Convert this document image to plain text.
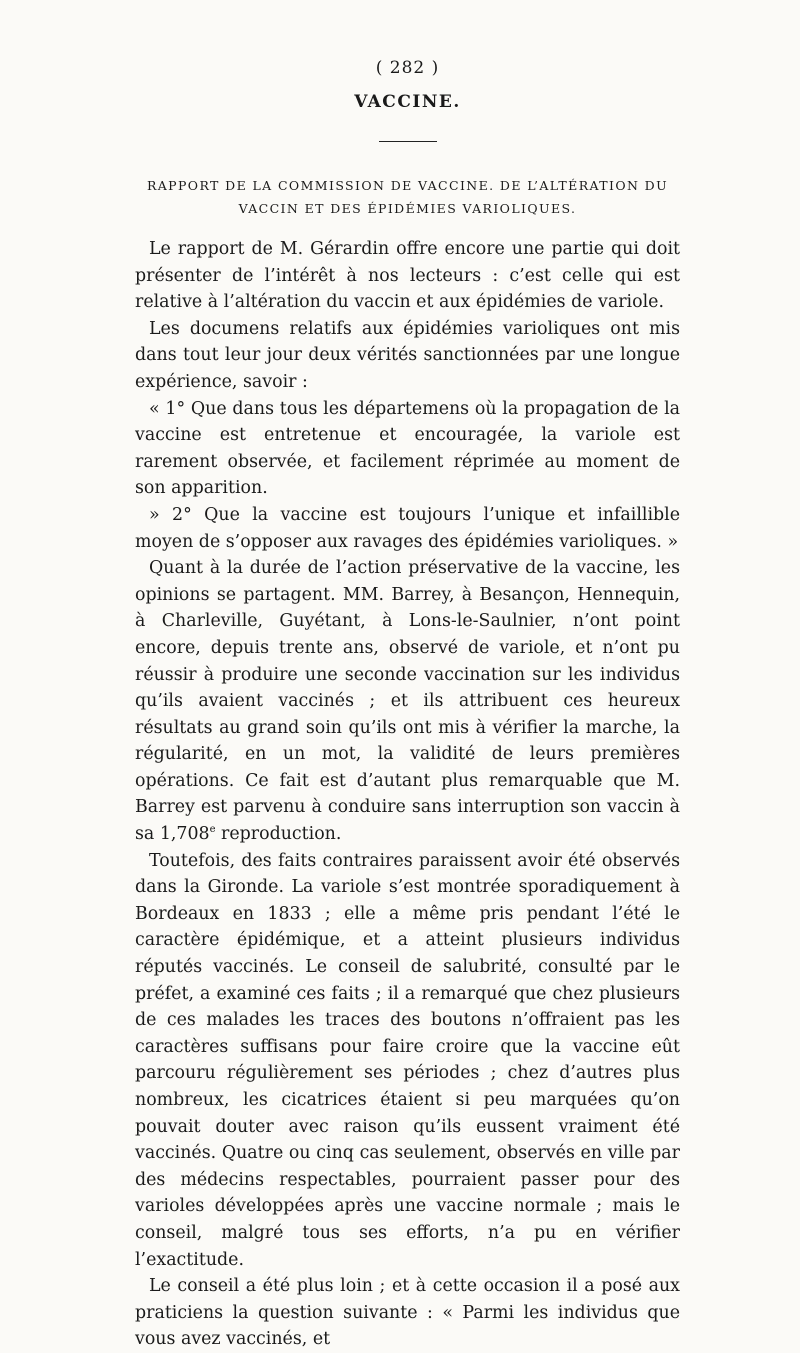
( 282 )
VACCINE.
RAPPORT DE LA COMMISSION DE VACCINE. DE L’ALTÉRATION DU
VACCIN ET DES ÉPIDÉMIES VARIOLIQUES.

Le rapport de M. Gérardin offre encore une partie qui doit présenter de l’intérêt à nos lecteurs : c’est celle qui est relative à l’altération du vaccin et aux épidémies de variole.

Les documens relatifs aux épidémies varioliques ont mis dans tout leur jour deux vérités sanctionnées par une longue expérience, savoir :

« 1° Que dans tous les départemens où la propagation de la vaccine est entretenue et encouragée, la variole est rarement observée, et facilement réprimée au moment de son apparition.

» 2° Que la vaccine est toujours l’unique et infaillible moyen de s’opposer aux ravages des épidémies varioliques. »

Quant à la durée de l’action préservative de la vaccine, les opinions se partagent. MM. Barrey, à Besançon, Hennequin, à Charleville, Guyétant, à Lons-le-Saulnier, n’ont point encore, depuis trente ans, observé de variole, et n’ont pu réussir à produire une seconde vaccination sur les individus qu’ils avaient vaccinés ; et ils attribuent ces heureux résultats au grand soin qu’ils ont mis à vérifier la marche, la régularité, en un mot, la validité de leurs premières opérations. Ce fait est d’autant plus remarquable que M. Barrey est parvenu à conduire sans interruption son vaccin à sa 1,708e reproduction.

Toutefois, des faits contraires paraissent avoir été observés dans la Gironde. La variole s’est montrée sporadiquement à Bordeaux en 1833 ; elle a même pris pendant l’été le caractère épidémique, et a atteint plusieurs individus réputés vaccinés. Le conseil de salubrité, consulté par le préfet, a examiné ces faits ; il a remarqué que chez plusieurs de ces malades les traces des boutons n’offraient pas les caractères suffisans pour faire croire que la vaccine eût parcouru régulièrement ses périodes ; chez d’autres plus nombreux, les cicatrices étaient si peu marquées qu’on pouvait douter avec raison qu’ils eussent vraiment été vaccinés. Quatre ou cinq cas seulement, observés en ville par des médecins respectables, pourraient passer pour des varioles développées après une vaccine normale ; mais le conseil, malgré tous ses efforts, n’a pu en vérifier l’exactitude.

Le conseil a été plus loin ; et à cette occasion il a posé aux praticiens la question suivante : « Parmi les individus que vous avez vaccinés, et
